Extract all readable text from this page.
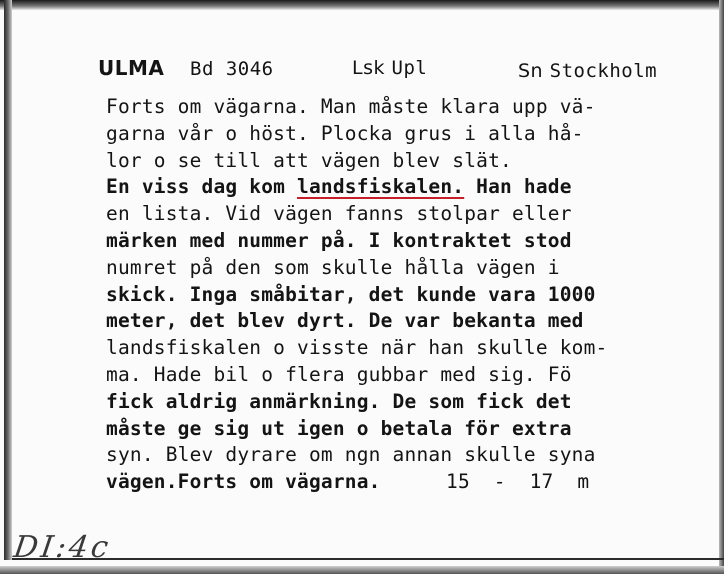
ULMA Bd 3046	Lsk Upl	Sn Stockholm
Forts om vägarna. Man måste klara upp vä-
garna vår o höst. Plocka grus i alla hå-
lor o se till att vägen blev slät.
En viss dag kom landsfiskalen. Han hade
en lista. Vid vägen fanns stolpar eller
märken med nummer på. I kontraktet stod
numret på den som skulle hålla vägen i
skick. Inga småbitar, det kunde vara 1000
meter, det blev dyrt. De var bekanta med
landsfiskalen o visste när han skulle kom-
ma. Hade bil o flera gubbar med sig. Fö
fick aldrig anmärkning. De som fick det
måste ge sig ut igen o betala för extra
syn. Blev dyrare om ngn annan skulle syna
vägen.Forts om vägarna.	15  -  17  m
DI:4c
